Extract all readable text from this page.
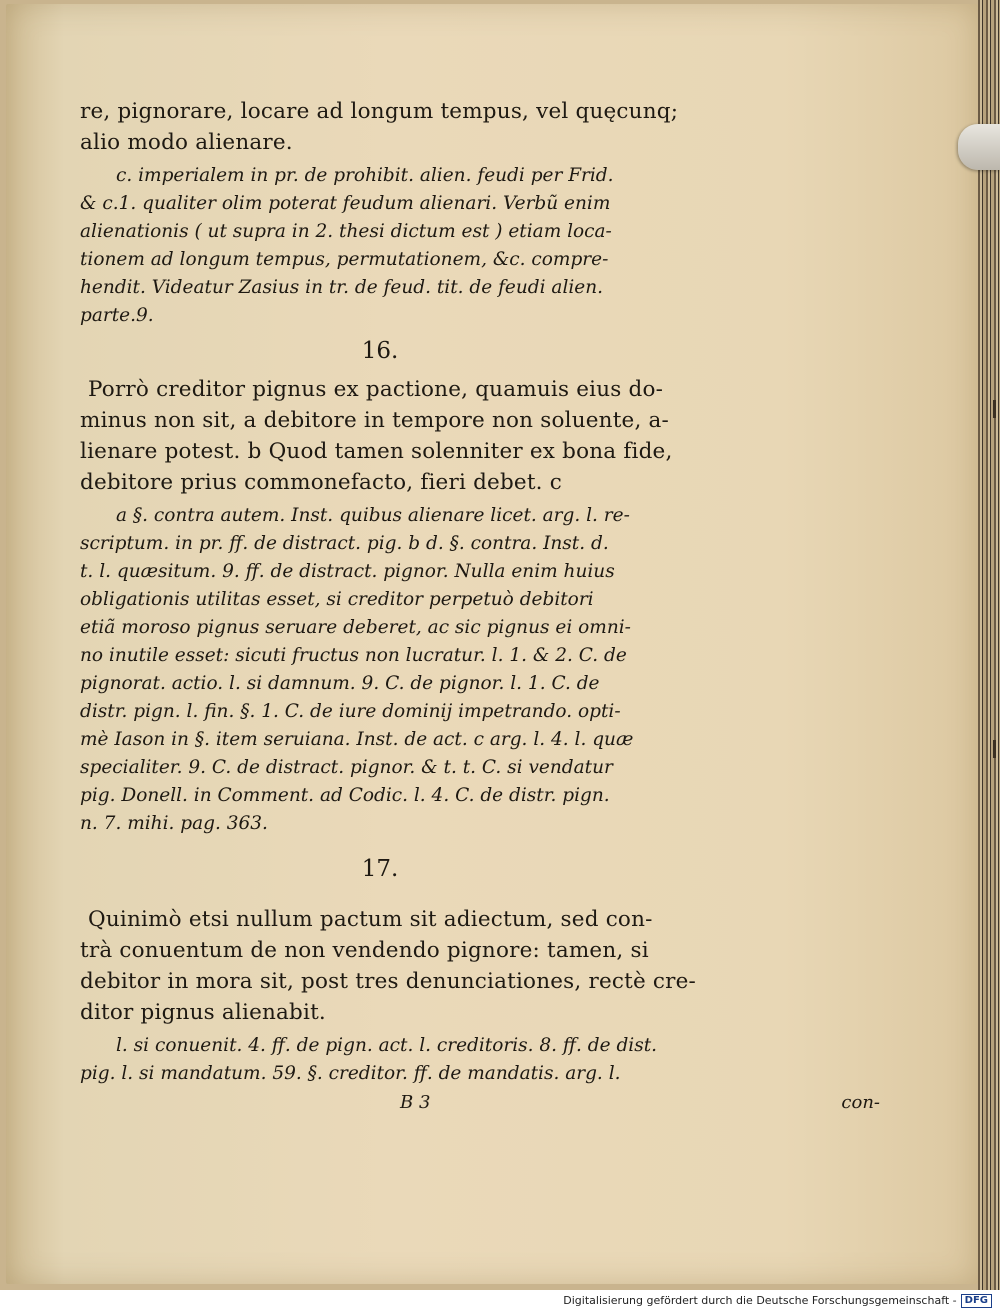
re, pignorare, locare ad longum tempus, vel quęcunq;
alio modo alienare.
c. imperialem in pr. de prohibit. alien. feudi per Frid.
& c.1. qualiter olim poterat feudum alienari. Verbũ enim
alienationis ( ut supra in 2. thesi dictum est ) etiam loca-
tionem ad longum tempus, permutationem, &c. compre-
hendit. Videatur Zasius in tr. de feud. tit. de feudi alien.
parte.9.
16.
Porrò creditor pignus ex pactione, quamuis eius do-
minus non sit, a debitore in tempore non soluente, a-
lienare potest. b Quod tamen solenniter ex bona fide,
debitore prius commonefacto, fieri debet. c
a §. contra autem. Inst. quibus alienare licet. arg. l. re-
scriptum. in pr. ff. de distract. pig. b d. §. contra. Inst. d.
t. l. quæsitum. 9. ff. de distract. pignor. Nulla enim huius
obligationis utilitas esset, si creditor perpetuò debitori
etiã moroso pignus seruare deberet, ac sic pignus ei omni-
no inutile esset: sicuti fructus non lucratur. l. 1. & 2. C. de
pignorat. actio. l. si damnum. 9. C. de pignor. l. 1. C. de
distr. pign. l. fin. §. 1. C. de iure dominij impetrando. opti-
mè Iason in §. item seruiana. Inst. de act. c arg. l. 4. l. quæ
specialiter. 9. C. de distract. pignor. & t. t. C. si vendatur
pig. Donell. in Comment. ad Codic. l. 4. C. de distr. pign.
n. 7. mihi. pag. 363.
17.
Quinimò etsi nullum pactum sit adiectum, sed con-
trà conuentum de non vendendo pignore: tamen, si
debitor in mora sit, post tres denunciationes, rectè cre-
ditor pignus alienabit.
l. si conuenit. 4. ff. de pign. act. l. creditoris. 8. ff. de dist.
pig. l. si mandatum. 59. §. creditor. ff. de mandatis. arg. l.
B 3	con-
Digitalisierung gefördert durch die Deutsche Forschungsgemeinschaft - DFG
